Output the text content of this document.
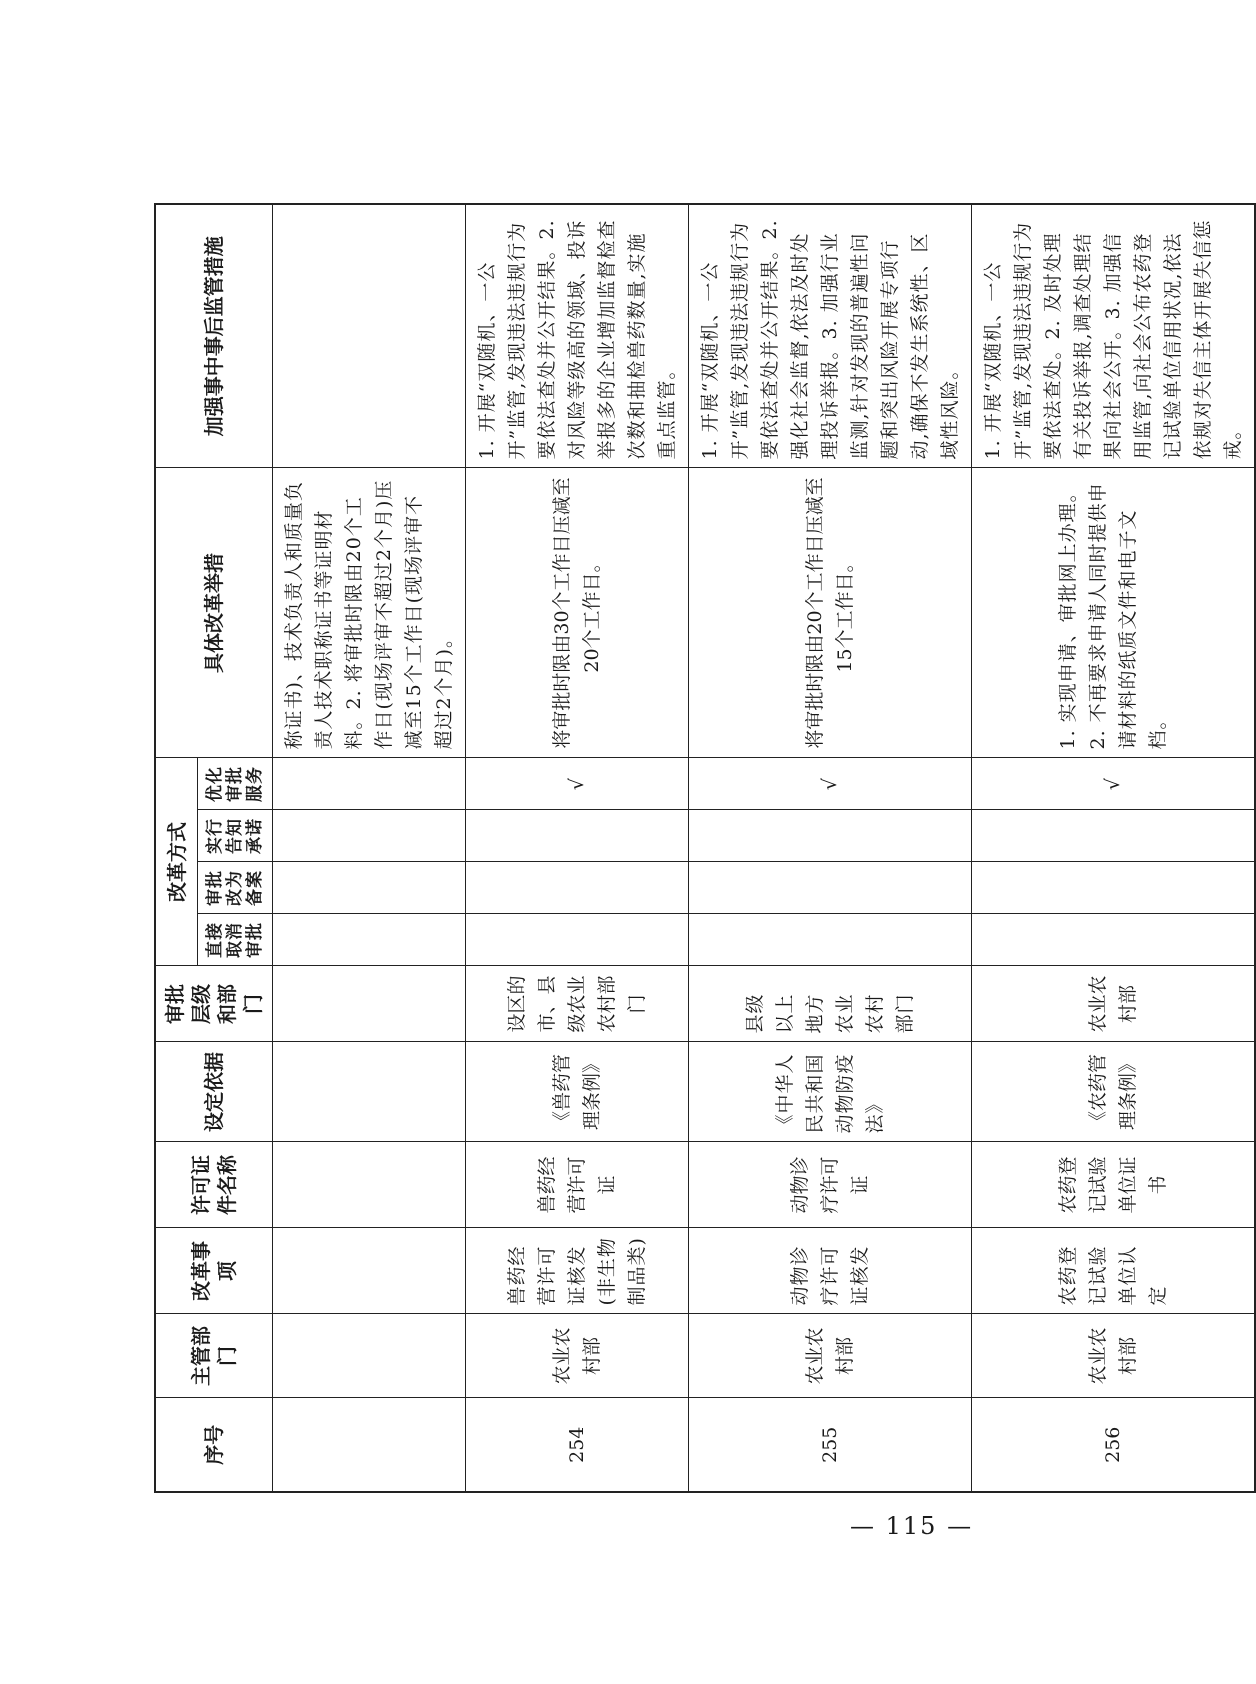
序号	主管部门	改革事项	许可证件名称	设定依据	审批层级和部门	改革方式				具体改革举措	加强事中事后监管措施
						直接取消审批	审批改为备案	实行告知承诺	优化审批服务		
										称证书)、技术负责人和质量负责人技术职称证书等证明材料。2. 将审批时限由20个工作日(现场评审不超过2个月)压减至15个工作日(现场评审不超过2个月)。	
254	农业农村部	兽药经营许可证核发(非生物制品类)	兽药经营许可证	《兽药管理条例》	设区的市、县级农业农村部门				√	将审批时限由30个工作日压减至20个工作日。	1. 开展“双随机、一公开”监管,发现违法违规行为要依法查处并公开结果。2. 对风险等级高的领域、投诉举报多的企业增加监督检查次数和抽检兽药数量,实施重点监管。
255	农业农村部	动物诊疗许可证核发	动物诊疗许可证	《中华人民共和国动物防疫法》	县级以上地方农业农村部门				√	将审批时限由20个工作日压减至15个工作日。	1. 开展“双随机、一公开”监管,发现违法违规行为要依法查处并公开结果。2. 强化社会监督,依法及时处理投诉举报。3. 加强行业监测,针对发现的普遍性问题和突出风险开展专项行动,确保不发生系统性、区域性风险。
256	农业农村部	农药登记试验单位认定	农药登记试验单位证书	《农药管理条例》	农业农村部				√	1. 实现申请、审批网上办理。2. 不再要求申请人同时提供申请材料的纸质文件和电子文档。	1. 开展“双随机、一公开”监管,发现违法违规行为要依法查处。2. 及时处理有关投诉举报,调查处理结果向社会公开。3. 加强信用监管,向社会公布农药登记试验单位信用状况,依法依规对失信主体开展失信惩戒。
— 115 —
